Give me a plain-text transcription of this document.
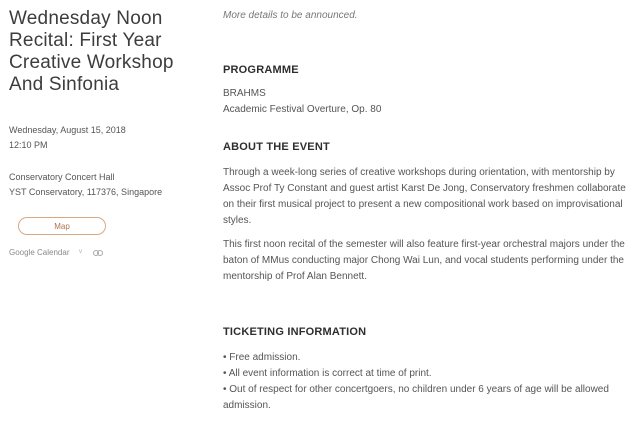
Wednesday Noon
Recital: First Year
Creative Workshop
And Sinfonia
Wednesday, August 15, 2018
12:10 PM
Conservatory Concert Hall
YST Conservatory, 117376, Singapore
Map
Google Calendar ˅

More details to be announced.

PROGRAMME
BRAHMS
Academic Festival Overture, Op. 80
ABOUT THE EVENT

Through a week-long series of creative workshops during orientation, with mentorship by Assoc Prof Ty Constant and guest artist Karst De Jong, Conservatory freshmen collaborate on their first musical project to present a new compositional work based on improvisational styles.

This first noon recital of the semester will also feature first-year orchestral majors under the baton of MMus conducting major Chong Wai Lun, and vocal students performing under the mentorship of Prof Alan Bennett.

TICKETING INFORMATION
• Free admission.
• All event information is correct at time of print.
• Out of respect for other concertgoers, no children under 6 years of age will be allowed admission.
